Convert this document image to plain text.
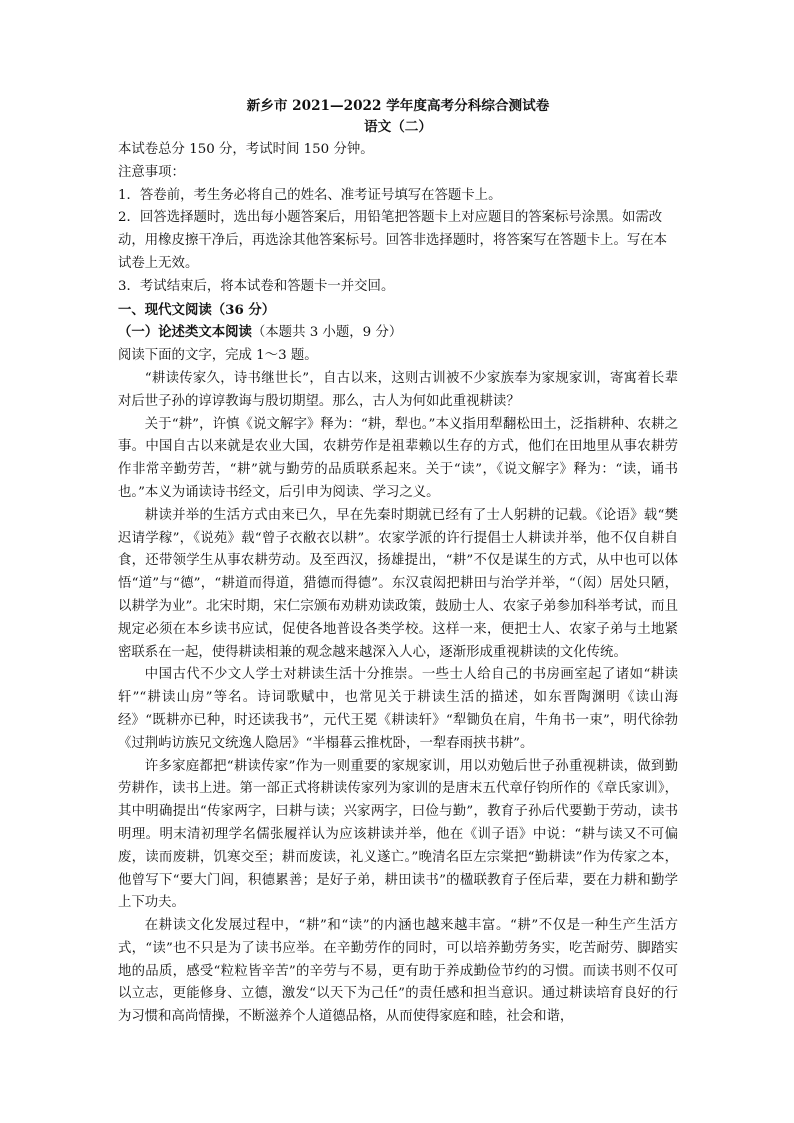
新乡市 2021—2022 学年度高考分科综合测试卷
语文（二）
本试卷总分 150 分，考试时间 150 分钟。
注意事项：
1．答卷前，考生务必将自己的姓名、准考证号填写在答题卡上。
2．回答选择题时，选出每小题答案后，用铅笔把答题卡上对应题目的答案标号涂黑。如需改动，用橡皮擦干净后，再选涂其他答案标号。回答非选择题时，将答案写在答题卡上。写在本试卷上无效。
3．考试结束后，将本试卷和答题卡一并交回。
一、现代文阅读（36 分）
（一）论述类文本阅读（本题共 3 小题，9 分）
阅读下面的文字，完成 1～3 题。
“耕读传家久，诗书继世长”，自古以来，这则古训被不少家族奉为家规家训，寄寓着长辈对后世子孙的谆谆教诲与殷切期望。那么，古人为何如此重视耕读？
关于“耕”，许慎《说文解字》释为：“耕，犁也。”本义指用犁翻松田土，泛指耕种、农耕之事。中国自古以来就是农业大国，农耕劳作是祖辈赖以生存的方式，他们在田地里从事农耕劳作非常辛勤劳苦，“耕”就与勤劳的品质联系起来。关于“读”，《说文解字》释为：“读，诵书也。”本义为诵读诗书经文，后引申为阅读、学习之义。
耕读并举的生活方式由来已久，早在先秦时期就已经有了士人躬耕的记载。《论语》载“樊迟请学稼”，《说苑》载“曾子衣敝衣以耕”。农家学派的许行提倡士人耕读并举，他不仅自耕自食，还带领学生从事农耕劳动。及至西汉，扬雄提出，“耕”不仅是谋生的方式，从中也可以体悟“道”与“德”，“耕道而得道，猎德而得德”。东汉袁闳把耕田与治学并举，“（闳）居处只陋，以耕学为业”。北宋时期，宋仁宗颁布劝耕劝读政策，鼓励士人、农家子弟参加科举考试，而且规定必须在本乡读书应试，促使各地普设各类学校。这样一来，便把士人、农家子弟与土地紧密联系在一起，使得耕读相兼的观念越来越深入人心，逐渐形成重视耕读的文化传统。
中国古代不少文人学士对耕读生活十分推崇。一些士人给自己的书房画室起了诸如“耕读轩”“耕读山房”等名。诗词歌赋中，也常见关于耕读生活的描述，如东晋陶渊明《读山海经》“既耕亦已种，时还读我书”，元代王冕《耕读轩》“犁锄负在肩，牛角书一束”，明代徐勃《过荆屿访族兄文统逸人隐居》“半榻暮云推枕卧，一犁春雨挟书耕”。
许多家庭都把“耕读传家”作为一则重要的家规家训，用以劝勉后世子孙重视耕读，做到勤劳耕作，读书上进。第一部正式将耕读传家列为家训的是唐末五代章仔钧所作的《章氏家训》，其中明确提出“传家两字，曰耕与读；兴家两字，曰俭与勤”，教育子孙后代要勤于劳动，读书明理。明末清初理学名儒张履祥认为应该耕读并举，他在《训子语》中说：“耕与读又不可偏废，读而废耕，饥寒交至；耕而废读，礼义遂亡。”晚清名臣左宗棠把“勤耕读”作为传家之本，他曾写下“要大门闾，积德累善；是好子弟，耕田读书”的楹联教育子侄后辈，要在力耕和勤学上下功夫。
在耕读文化发展过程中，“耕”和“读”的内涵也越来越丰富。“耕”不仅是一种生产生活方式，“读”也不只是为了读书应举。在辛勤劳作的同时，可以培养勤劳务实，吃苦耐劳、脚踏实地的品质，感受“粒粒皆辛苦”的辛劳与不易，更有助于养成勤俭节约的习惯。而读书则不仅可以立志，更能修身、立德，激发“以天下为己任”的责任感和担当意识。通过耕读培育良好的行为习惯和高尚情操，不断滋养个人道德品格，从而使得家庭和睦，社会和谐，
